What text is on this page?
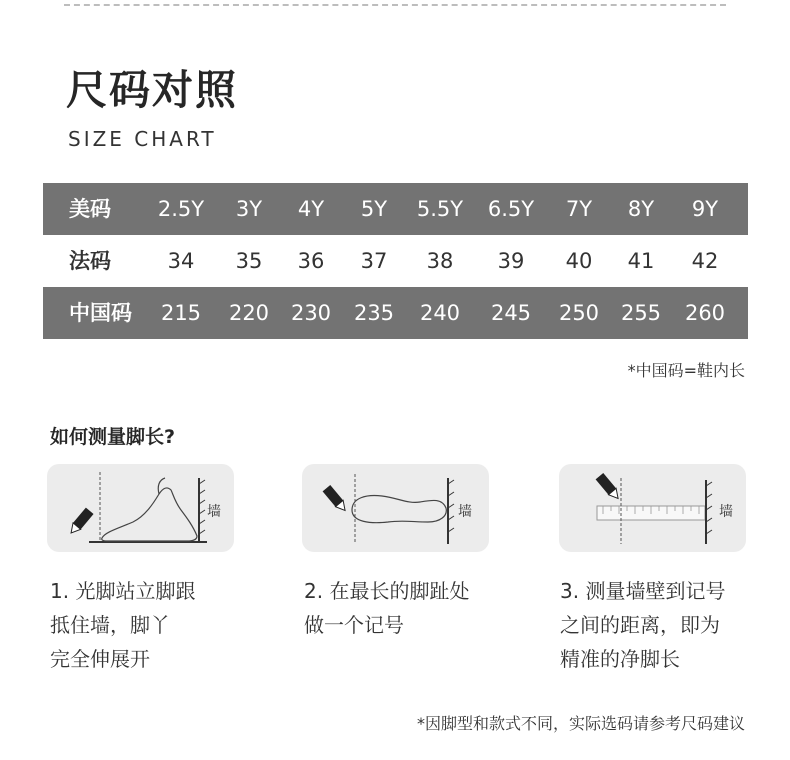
尺码对照
SIZE CHART
美码	2.5Y	3Y	4Y	5Y	5.5Y	6.5Y	7Y	8Y	9Y
法码	34	35	36	37	38	39	40	41	42
中国码	215	220	230	235	240	245	250	255	260
*中国码=鞋内长
如何测量脚长?
墙	墙	墙
1. 光脚站立脚跟
抵住墙，脚丫
完全伸展开
2. 在最长的脚趾处
做一个记号
3. 测量墙壁到记号
之间的距离，即为
精准的净脚长
*因脚型和款式不同，实际选码请参考尺码建议
